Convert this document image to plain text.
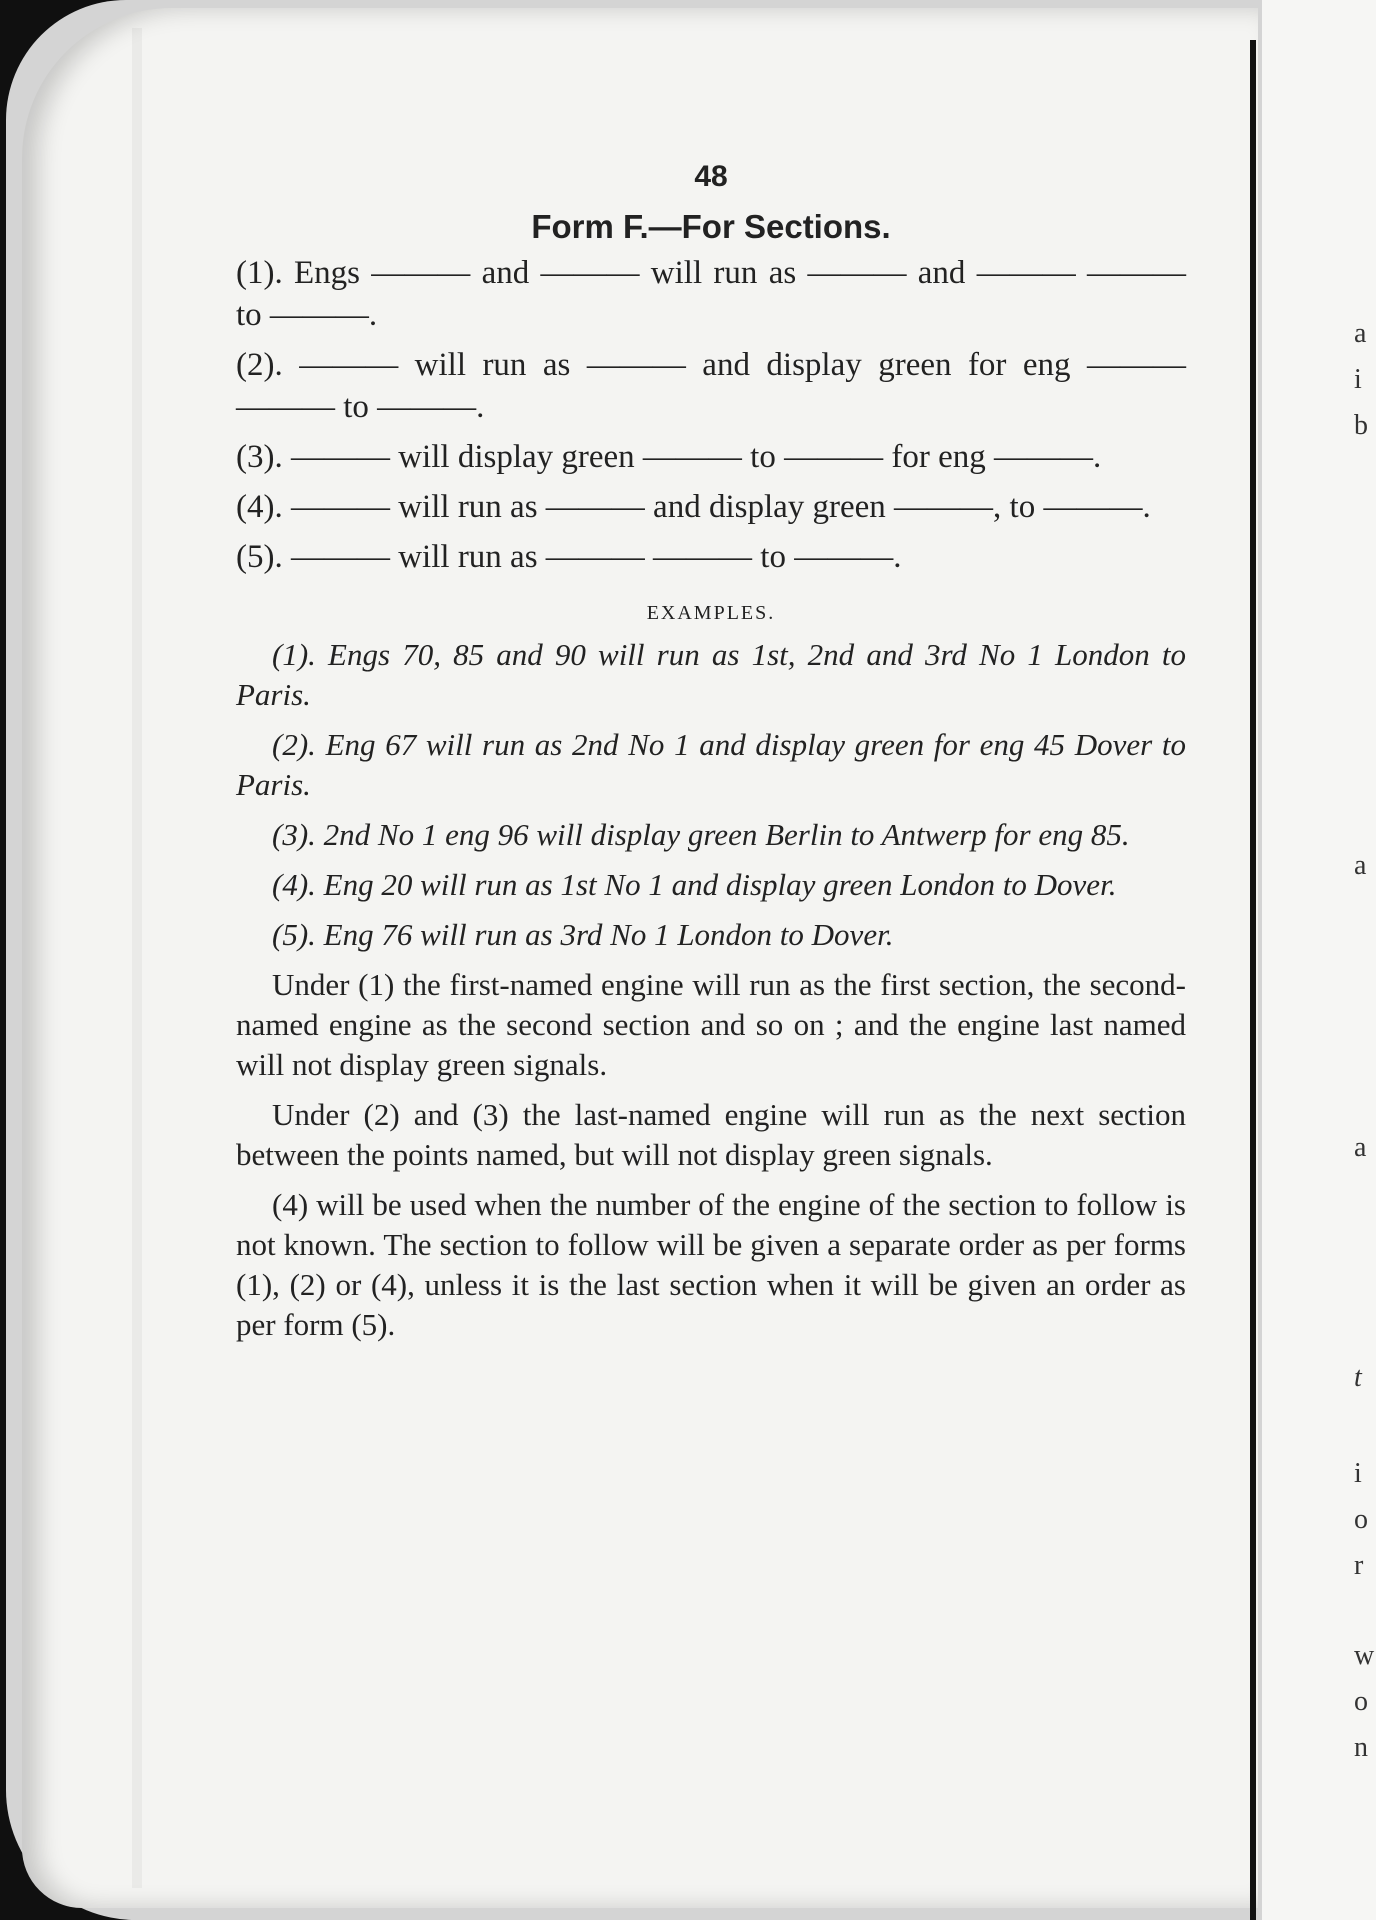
a
i
b
a
a
t
i
o
r
w
o
n
48
Form F.—For Sections.

(1). Engs ——— and ——— will run as ——— and ——— ——— to ———.

(2). ——— will run as ——— and display green for eng ——— ——— to ———.

(3). ——— will display green ——— to ——— for eng ———.

(4). ——— will run as ——— and display green ———, to ———.

(5). ——— will run as ——— ——— to ———.

EXAMPLES.

(1). Engs 70, 85 and 90 will run as 1st, 2nd and 3rd No 1 London to Paris.

(2). Eng 67 will run as 2nd No 1 and display green for eng 45 Dover to Paris.

(3). 2nd No 1 eng 96 will display green Berlin to Antwerp for eng 85.

(4). Eng 20 will run as 1st No 1 and display green London to Dover.

(5). Eng 76 will run as 3rd No 1 London to Dover.

Under (1) the first-named engine will run as the first section, the second-named engine as the second section and so on ; and the engine last named will not display green signals.

Under (2) and (3) the last-named engine will run as the next section between the points named, but will not display green signals.

(4) will be used when the number of the engine of the section to follow is not known. The section to follow will be given a separate order as per forms (1), (2) or (4), unless it is the last section when it will be given an order as per form (5).
